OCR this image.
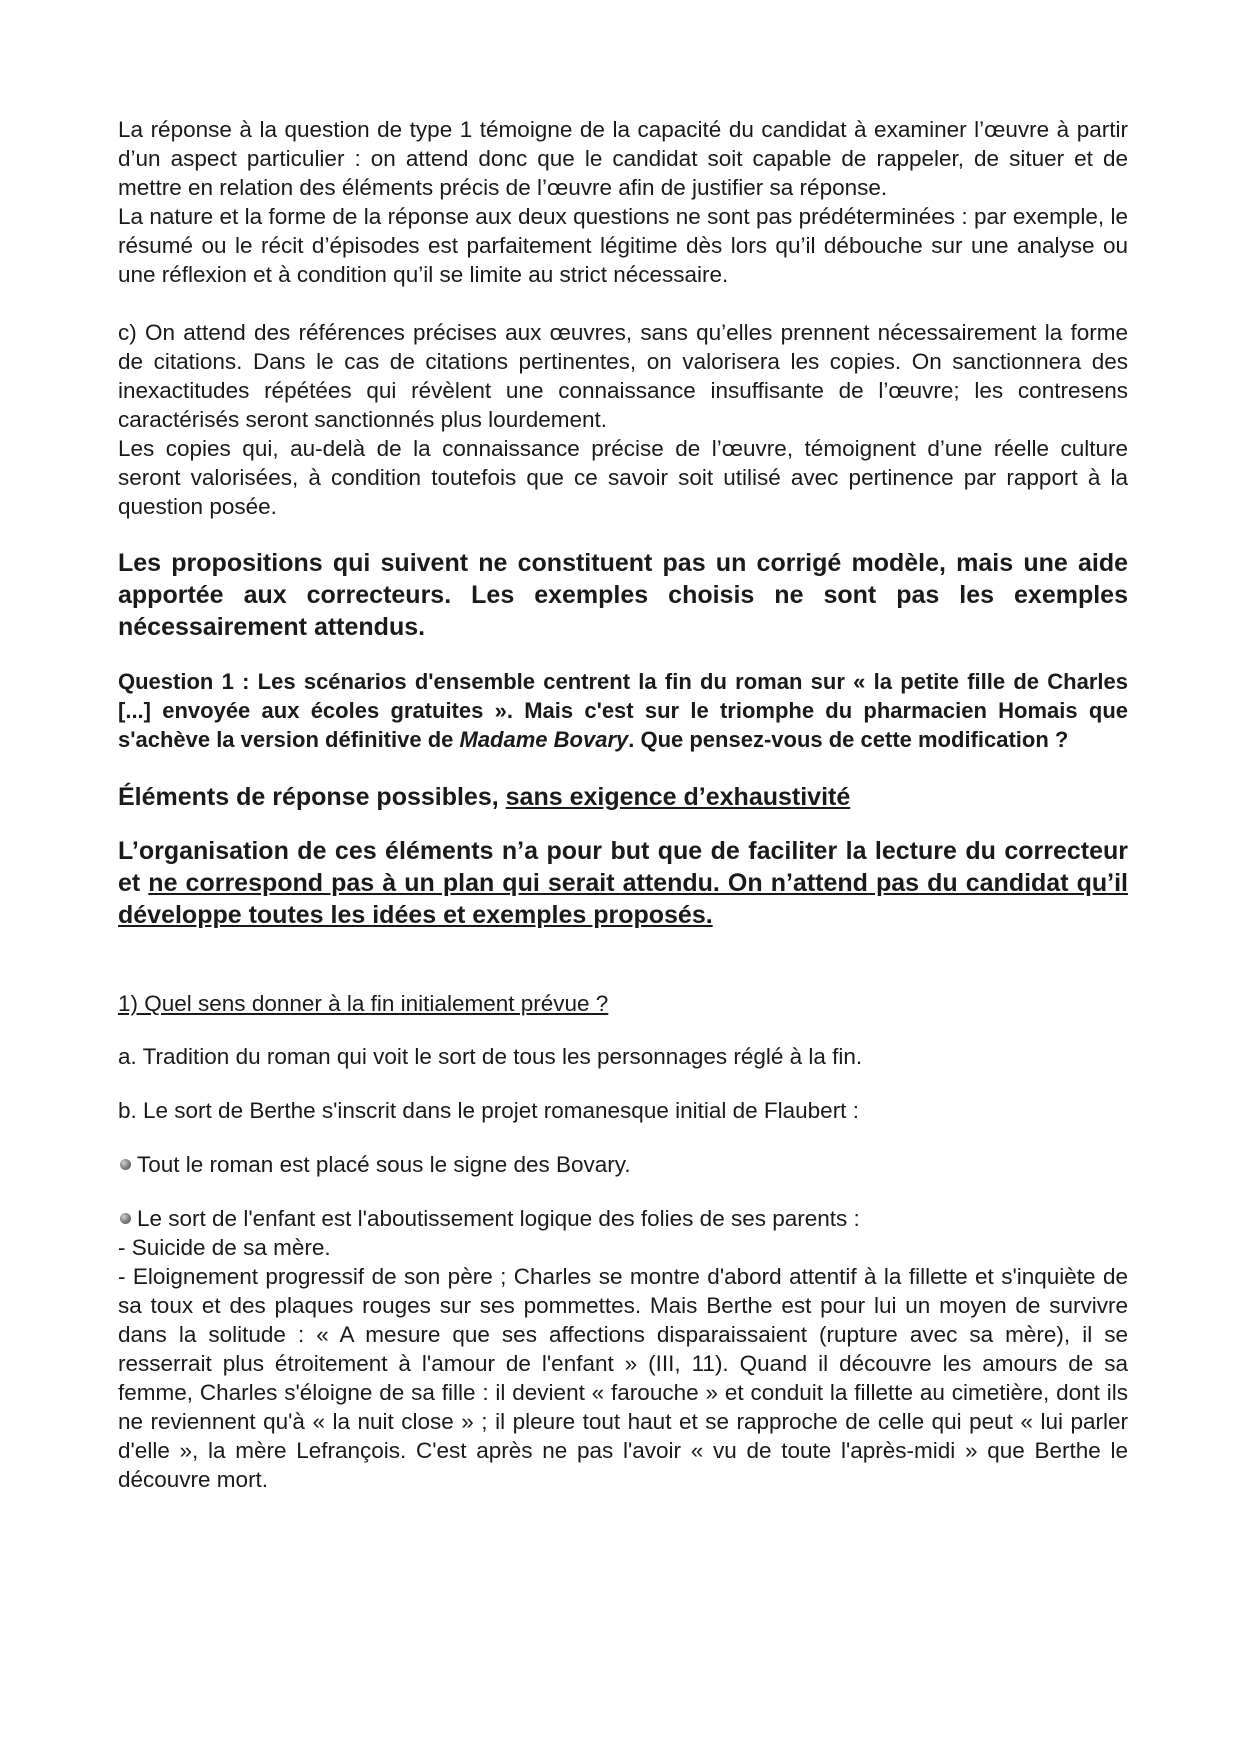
La réponse à la question de type 1 témoigne de la capacité du candidat à examiner l’œuvre à partir d’un aspect particulier : on attend donc que le candidat soit capable de rappeler, de situer et de mettre en relation des éléments précis de l’œuvre afin de justifier sa réponse.

La nature et la forme de la réponse aux deux questions ne sont pas prédéterminées : par exemple, le résumé ou le récit d’épisodes est parfaitement légitime dès lors qu’il débouche sur une analyse ou une réflexion et à condition qu’il se limite au strict nécessaire.

c) On attend des références précises aux œuvres, sans qu’elles prennent nécessairement la forme de citations. Dans le cas de citations pertinentes, on valorisera les copies. On sanctionnera des inexactitudes répétées qui révèlent une connaissance insuffisante de l’œuvre; les contresens caractérisés seront sanctionnés plus lourdement.

Les copies qui, au-delà de la connaissance précise de l’œuvre, témoignent d’une réelle culture seront valorisées, à condition toutefois que ce savoir soit utilisé avec pertinence par rapport à la question posée.

Les propositions qui suivent ne constituent pas un corrigé modèle, mais une aide apportée aux correcteurs. Les exemples choisis ne sont pas les exemples nécessairement attendus.

Question 1 : Les scénarios d'ensemble centrent la fin du roman sur « la petite fille de Charles [...] envoyée aux écoles gratuites ». Mais c'est sur le triomphe du pharmacien Homais que s'achève la version définitive de Madame Bovary. Que pensez-vous de cette modification ?

Éléments de réponse possibles, sans exigence d’exhaustivité

L’organisation de ces éléments n’a pour but que de faciliter la lecture du correcteur et ne correspond pas à un plan qui serait attendu. On n’attend pas du candidat qu’il développe toutes les idées et exemples proposés.

1) Quel sens donner à la fin initialement prévue ?

a. Tradition du roman qui voit le sort de tous les personnages réglé à la fin.

b. Le sort de Berthe s'inscrit dans le projet romanesque initial de Flaubert :

Tout le roman est placé sous le signe des Bovary.

Le sort de l'enfant est l'aboutissement logique des folies de ses parents :

- Suicide de sa mère.

- Eloignement progressif de son père ; Charles se montre d'abord attentif à la fillette et s'inquiète de sa toux et des plaques rouges sur ses pommettes. Mais Berthe est pour lui un moyen de survivre dans la solitude : « A mesure que ses affections disparaissaient (rupture avec sa mère), il se resserrait plus étroitement à l'amour de l'enfant » (III, 11). Quand il découvre les amours de sa femme, Charles s'éloigne de sa fille : il devient « farouche » et conduit la fillette au cimetière, dont ils ne reviennent qu'à « la nuit close » ; il pleure tout haut et se rapproche de celle qui peut « lui parler d'elle », la mère Lefrançois. C'est après ne pas l'avoir « vu de toute l'après-midi » que Berthe le découvre mort.
